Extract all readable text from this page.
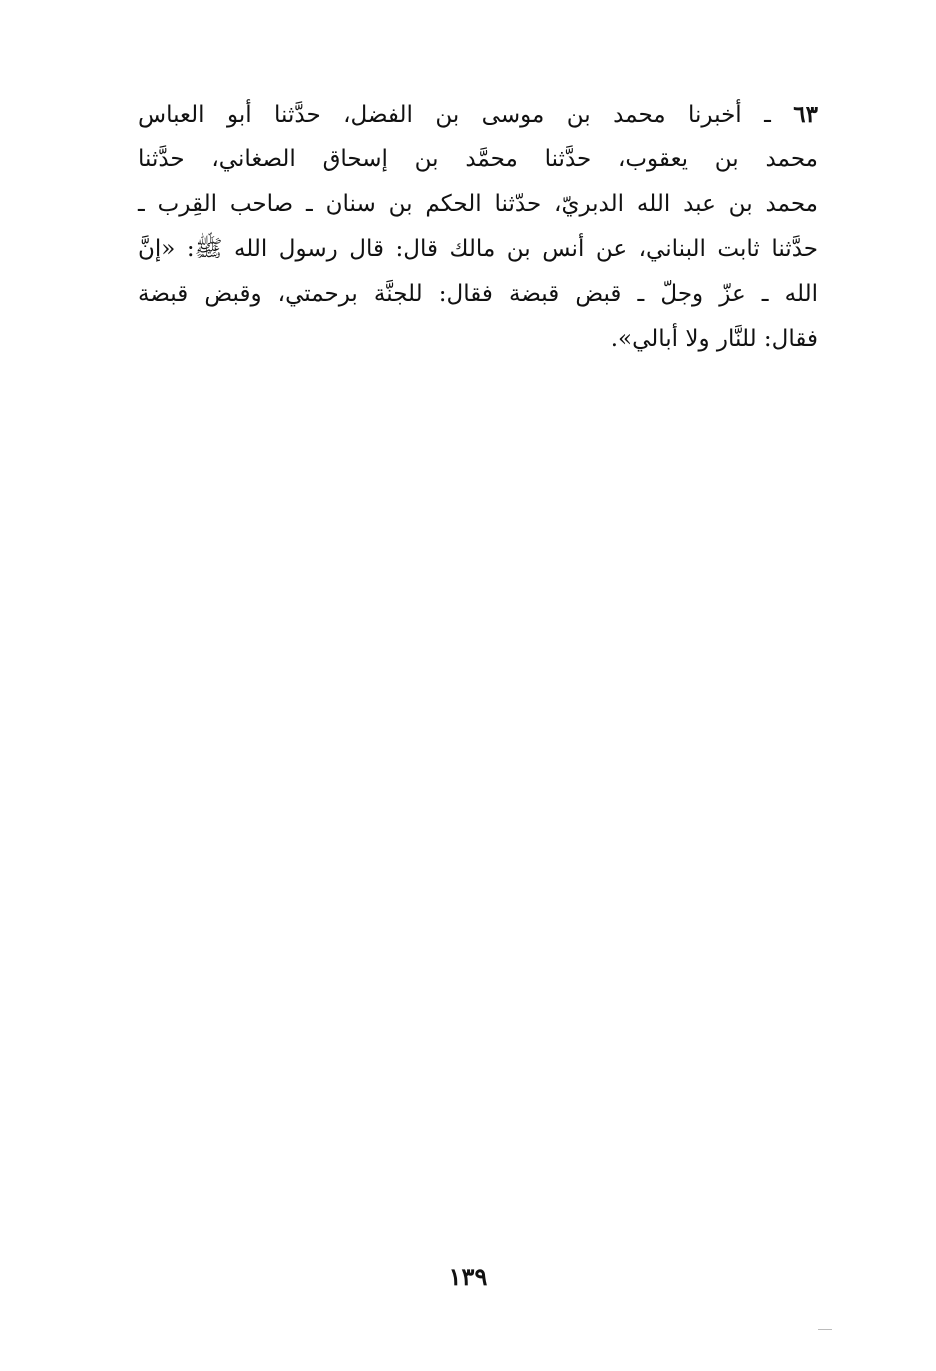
٦٣ ـ أخبرنا محمد بن موسى بن الفضل، حدَّثنا أبو العباس
محمد بن يعقوب، حدَّثنا محمَّد بن إسحاق الصغاني، حدَّثنا
محمد بن عبد الله الدبريّ، حدّثنا الحكم بن سنان ـ صاحب القِرب ـ
حدَّثنا ثابت البناني، عن أنس بن مالك قال: قال رسول الله ﷺ: «إنَّ
الله ـ عزّ وجلّ ـ قبض قبضة فقال: للجنَّة برحمتي، وقبض قبضة
فقال: للنَّار ولا أبالي».
١٣٩
